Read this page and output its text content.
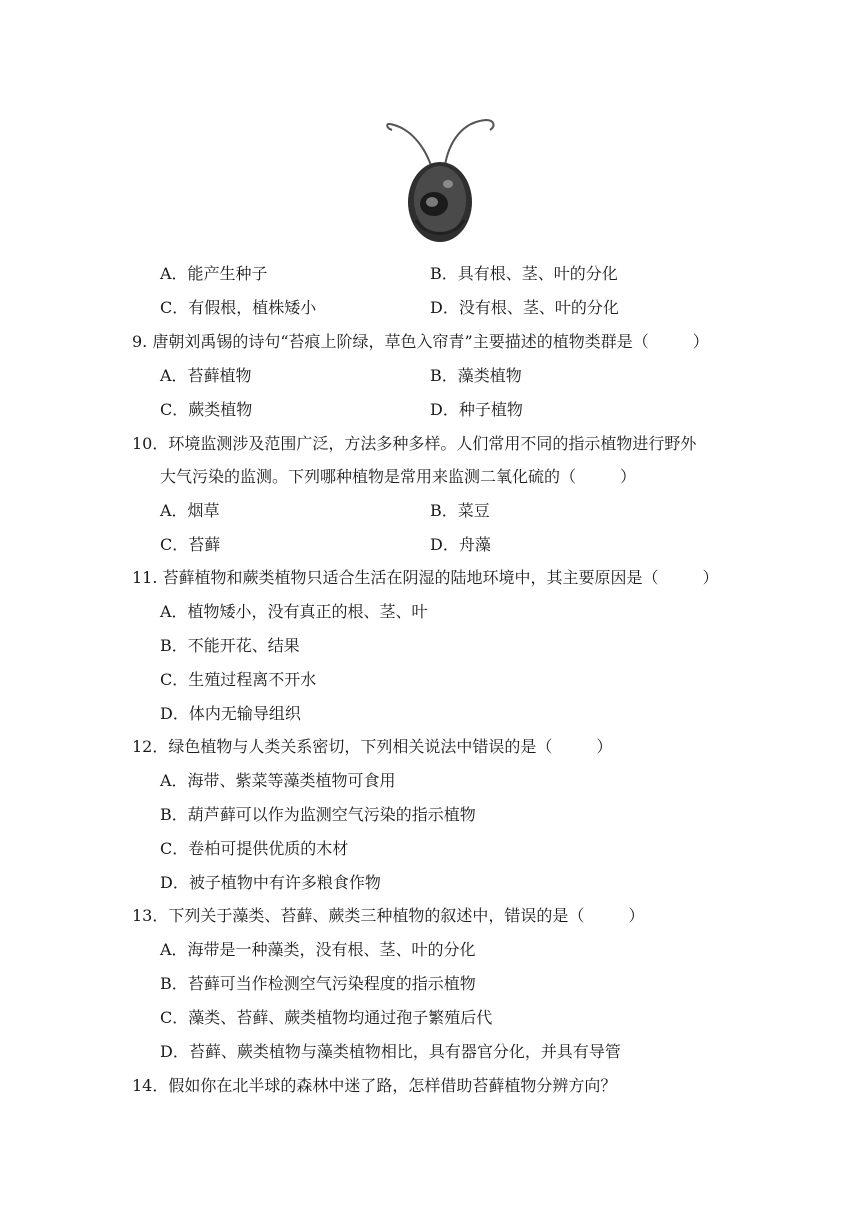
A．能产生种子	B．具有根、茎、叶的分化
C．有假根，植株矮小	D．没有根、茎、叶的分化
9. 唐朝刘禹锡的诗句“苔痕上阶绿，草色入帘青”主要描述的植物类群是（	）
A．苔藓植物	B．藻类植物
C．蕨类植物	D．种子植物
10．环境监测涉及范围广泛，方法多种多样。人们常用不同的指示植物进行野外
大气污染的监测。下列哪种植物是常用来监测二氧化硫的（	）
A．烟草	B．菜豆
C．苔藓	D．舟藻
11. 苔藓植物和蕨类植物只适合生活在阴湿的陆地环境中，其主要原因是（	）
A．植物矮小，没有真正的根、茎、叶
B．不能开花、结果
C．生殖过程离不开水
D．体内无输导组织
12．绿色植物与人类关系密切，下列相关说法中错误的是（	）
A．海带、紫菜等藻类植物可食用
B．葫芦藓可以作为监测空气污染的指示植物
C．卷柏可提供优质的木材
D．被子植物中有许多粮食作物
13．下列关于藻类、苔藓、蕨类三种植物的叙述中，错误的是（	）
A．海带是一种藻类，没有根、茎、叶的分化
B．苔藓可当作检测空气污染程度的指示植物
C．藻类、苔藓、蕨类植物均通过孢子繁殖后代
D．苔藓、蕨类植物与藻类植物相比，具有器官分化，并具有导管
14．假如你在北半球的森林中迷了路，怎样借助苔藓植物分辨方向？
